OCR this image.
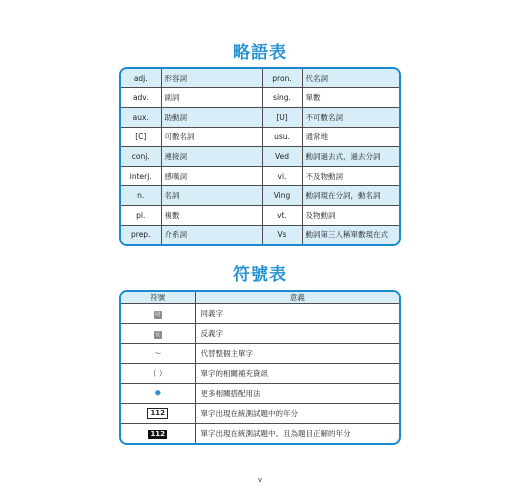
略語表
adj.	形容詞	pron.	代名詞
adv.	副詞	sing.	單數
aux.	助動詞	[U]	不可數名詞
[C]	可數名詞	usu.	通常地
conj.	連接詞	Ved	動詞過去式，過去分詞
interj.	感嘆詞	vi.	不及物動詞
n.	名詞	Ving	動詞現在分詞，動名詞
pl.	複數	vt.	及物動詞
prep.	介系詞	Vs	動詞第三人稱單數現在式
符號表
符號	意義
同	同義字
反	反義字
～	代替整個主單字
（ ）	單字的相關補充資訊
✸	更多相關搭配用法
112	單字出現在統測試題中的年分
112	單字出現在統測試題中、且為題目正解的年分
v
